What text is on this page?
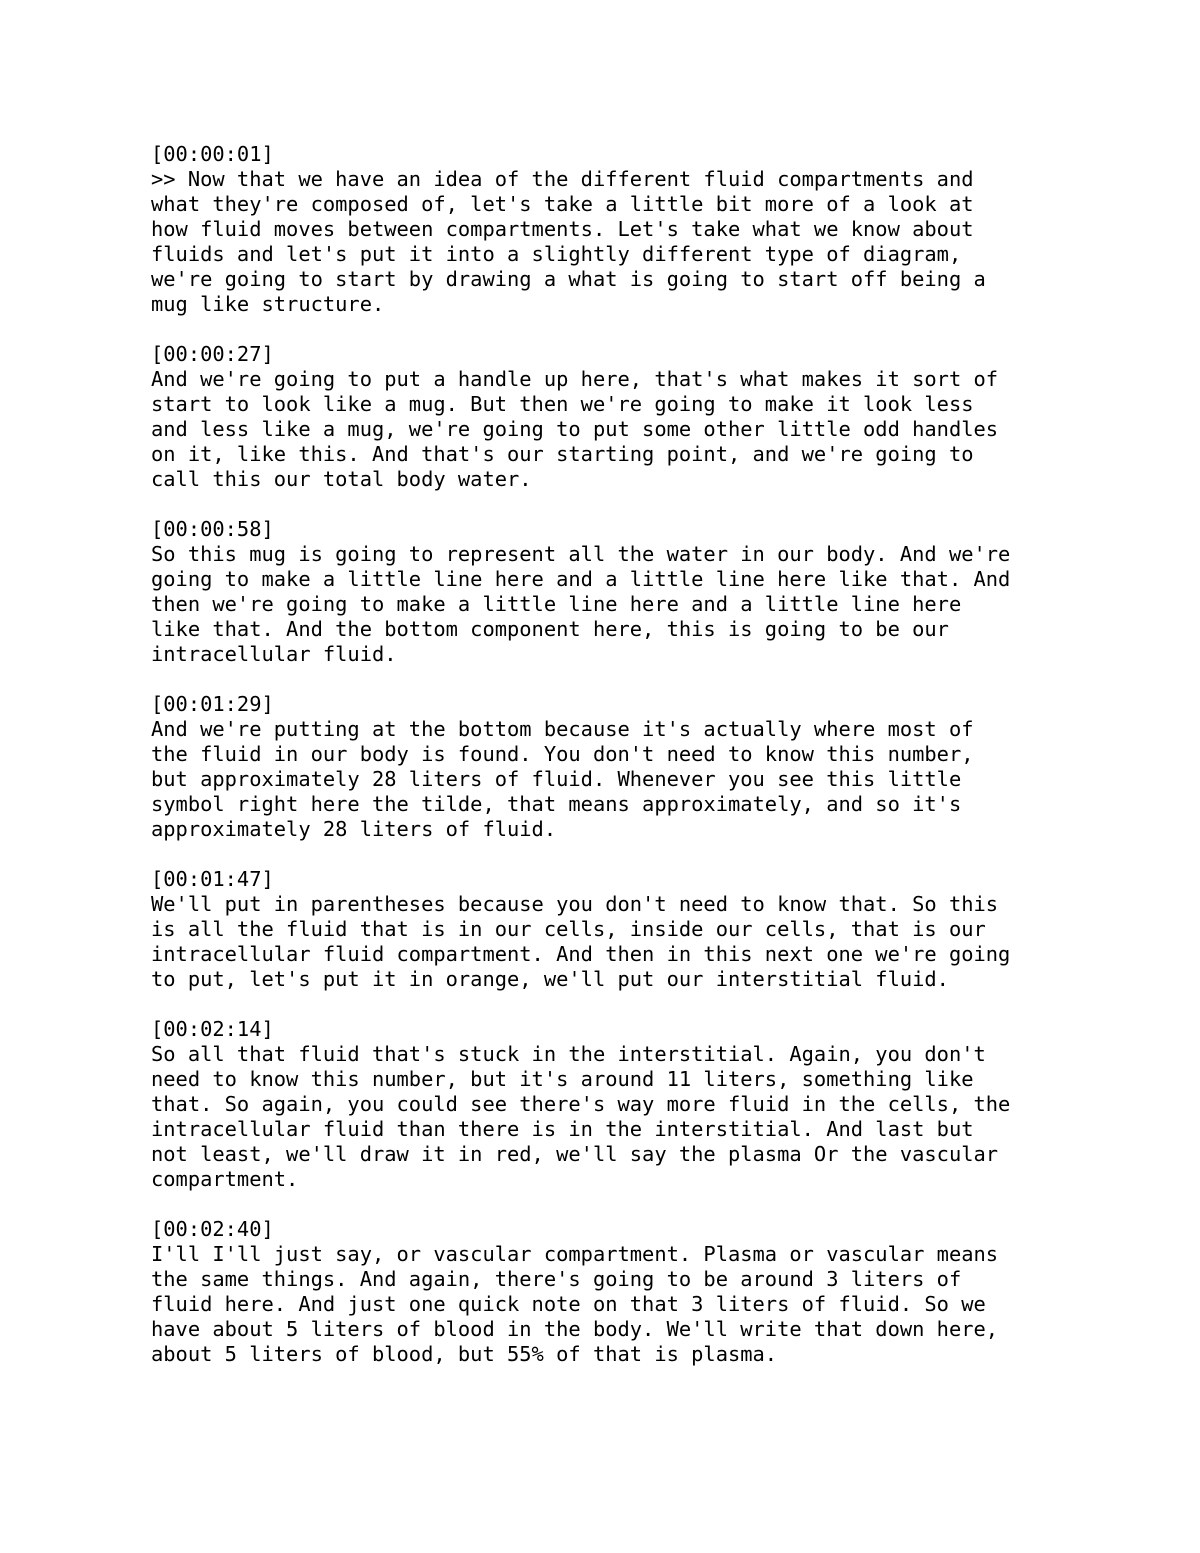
[00:00:01]
>> Now that we have an idea of the different fluid compartments and
what they're composed of, let's take a little bit more of a look at
how fluid moves between compartments. Let's take what we know about
fluids and let's put it into a slightly different type of diagram,
we're going to start by drawing a what is going to start off being a
mug like structure.
[00:00:27]
And we're going to put a handle up here, that's what makes it sort of
start to look like a mug. But then we're going to make it look less
and less like a mug, we're going to put some other little odd handles
on it, like this. And that's our starting point, and we're going to
call this our total body water.
[00:00:58]
So this mug is going to represent all the water in our body. And we're
going to make a little line here and a little line here like that. And
then we're going to make a little line here and a little line here
like that. And the bottom component here, this is going to be our
intracellular fluid.
[00:01:29]
And we're putting at the bottom because it's actually where most of
the fluid in our body is found. You don't need to know this number,
but approximately 28 liters of fluid. Whenever you see this little
symbol right here the tilde, that means approximately, and so it's
approximately 28 liters of fluid.
[00:01:47]
We'll put in parentheses because you don't need to know that. So this
is all the fluid that is in our cells, inside our cells, that is our
intracellular fluid compartment. And then in this next one we're going
to put, let's put it in orange, we'll put our interstitial fluid.
[00:02:14]
So all that fluid that's stuck in the interstitial. Again, you don't
need to know this number, but it's around 11 liters, something like
that. So again, you could see there's way more fluid in the cells, the
intracellular fluid than there is in the interstitial. And last but
not least, we'll draw it in red, we'll say the plasma Or the vascular
compartment.
[00:02:40]
I'll I'll just say, or vascular compartment. Plasma or vascular means
the same things. And again, there's going to be around 3 liters of
fluid here. And just one quick note on that 3 liters of fluid. So we
have about 5 liters of blood in the body. We'll write that down here,
about 5 liters of blood, but 55% of that is plasma.
